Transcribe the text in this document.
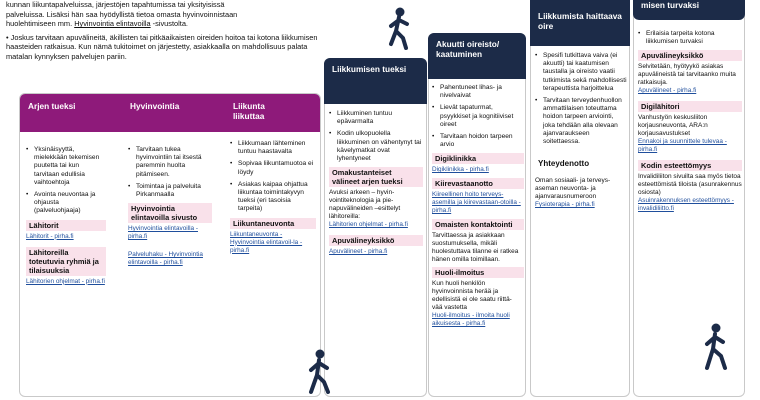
kunnan liikuntapalveluissa, järjestöjen tapahtumissa tai yksityisissä
palveluissa. Lisäksi hän saa hyödyllistä tietoa omasta hyvinvoinnistaan
huolehtimiseen mm. Hyvinvointia elintavoilla -sivustolta.

• Joskus tarvitaan apuvälineitä, äkillisten tai pitkäaikaisten oireiden hoitoa tai kotona liikkumisen haasteiden ratkaisua. Kun nämä tukitoimet on järjestetty, asiakkaalla on mahdollisuus palata matalan kynnyksen palvelujen pariin.

Arjen tueksi	Hyvinvointia	Liikunta liikuttaa
• Yksinäisyyttä, mielekkään tekemisen puutetta tai kun tarvitaan edullisia vaihtoehtoja
• Avointa neuvontaa ja ohjausta (palveluohjaaja)
Lähitorit
Lähitorit - pirha.fi
Lähitoreilla toteutuvia ryhmiä ja tilaisuuksia
Lähitorien ohjelmat - pirha.fi
• Tarvitaan tukea hyvinvointiin tai itsestä paremmin huolta pitämiseen.
• Toimintaa ja palveluita Pirkanmaalla
Hyvinvointia elintavoilla sivusto
Hyvinvointia elintavoilla - pirha.fi
Palveluhaku - Hyvinvointia elintavoilla - pirha.fi
• Liikkumaan lähteminen tuntuu haastavalta
• Sopivaa liikuntamuotoa ei löydy
• Asiakas kaipaa ohjattua liikuntaa toimintakyvyn tueksi (eri tasoisia tarpeita)
Liikuntaneuvonta
Liikuntaneuvonta - Hyvinvointia elintavoil-la - pirha.fi
Liikkumisen tueksi
• Liikkuminen tuntuu epävarmalta
• Kodin ulkopuolella liikkuminen on vähentynyt tai kävelymatkat ovat lyhentyneet
Omakustanteiset välineet arjen tueksi
Avuksi arkeen – hyvin-vointiteknologia ja pie-napuvälineiden –esittelyt lähitoreilla:
Lähitorien ohjelmat - pirha.fi
Apuvälineyksikkö
Apuvälineet - pirha.fi
Akuutti oireisto/ kaatuminen
• Pahentuneet lihas- ja nivelvaivat
• Lievät tapaturmat, psyykkiset ja kognitiiviset oireet
• Tarvitaan hoidon tarpeen arvio
Digiklinikka
Digiklinikka - pirha.fi
Kiirevastaanotto
Kiireellinen hoito terveys-asemilla ja kiirevastaan-otoilla - pirha.fi
Omaisten kontaktointi
Tarvittaessa ja asiakkaan suostumuksella, mikäli huolestuttava tilanne ei ratkea hänen omilla toimillaan.
Huoli-ilmoitus
Kun huoli henkilön hyvinvoinnista herää ja edellisistä ei ole saatu riittä- vää vastetta
Huoli-ilmoitus - ilmoita huoli aikuisesta - pirha.fi
Liikkumista haittaava oire
• Spesifi tutkittava vaiva (ei akuutti) tai kaatumisen taustalla ja oireisto vaatii tutkimista sekä mahdollisesti terapeuttista harjoittelua
• Tarvitaan terveydenhuollon ammattilaisen toteuttama hoidon tarpeen arviointi, joka tehdään alla olevaan ajanvaraukseen soitettaessa.
Yhteydenotto
Oman sosiaali- ja terveys-aseman neuvonta- ja ajanvarausnumeroon
Fysioterapia - pirha.fi
misen turvaksi
• Erilaisia tarpeita kotona liikkumisen turvaksi
Apuvälineyksikkö
Selvitetään, hyötyykö asiakas apuvälineistä tai tarvitaanko muita ratkaisuja.
Apuvälineet - pirha.fi
Digilähitori
Vanhustyön keskusliiton korjausneuvonta, ARA:n korjausavustukset
Ennakoi ja suunnittele tulevaa - pirha.fi
Kodin esteettömyys
Invalidiliiton sivuilta saa myös tietoa esteettömistä tiloista (asunrakennus osiosta)
Asuinrakennuksen esteettömyys -invalidiliitto.fi
